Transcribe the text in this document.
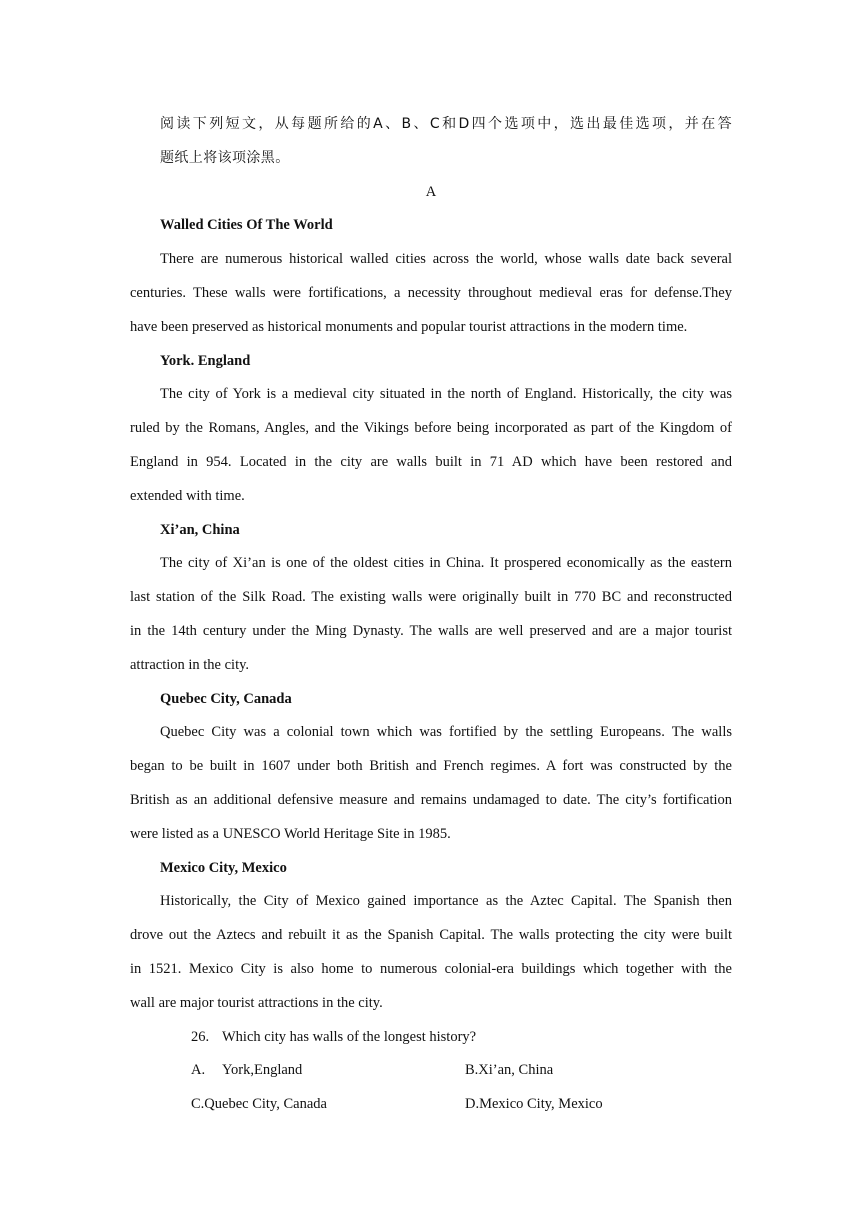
阅读下列短文，从每题所给的A、B、C和D四个选项中，选出最佳选项，并在答
题纸上将该项涂黑。
A
Walled Cities Of The World
There are numerous historical walled cities across the world, whose walls date back several
centuries. These walls were fortifications, a necessity throughout medieval eras for defense.They
have been preserved as historical monuments and popular tourist attractions in the modern time.
York. England
The city of York is a medieval city situated in the north of England. Historically, the city was
ruled by the Romans, Angles, and the Vikings before being incorporated as part of the Kingdom of
England in 954. Located in the city are walls built in 71 AD which have been restored and
extended with time.
Xi’an, China
The city of Xi’an is one of the oldest cities in China. It prospered economically as the eastern
last station of the Silk Road. The existing walls were originally built in 770 BC and reconstructed
in the 14th century under the Ming Dynasty. The walls are well preserved and are a major tourist
attraction in the city.
Quebec City, Canada
Quebec City was a colonial town which was fortified by the settling Europeans. The walls
began to be built in 1607 under both British and French regimes. A fort was constructed by the
British as an additional defensive measure and remains undamaged to date. The city’s fortification
were listed as a UNESCO World Heritage Site in 1985.
Mexico City, Mexico
Historically, the City of Mexico gained importance as the Aztec Capital. The Spanish then
drove out the Aztecs and rebuilt it as the Spanish Capital. The walls protecting the city were built
in 1521. Mexico City is also home to numerous colonial-era buildings which together with the
wall are major tourist attractions in the city.
26. Which city has walls of the longest history?
A. York,England	B.Xi’an, China
C.Quebec City, Canada	D.Mexico City, Mexico
